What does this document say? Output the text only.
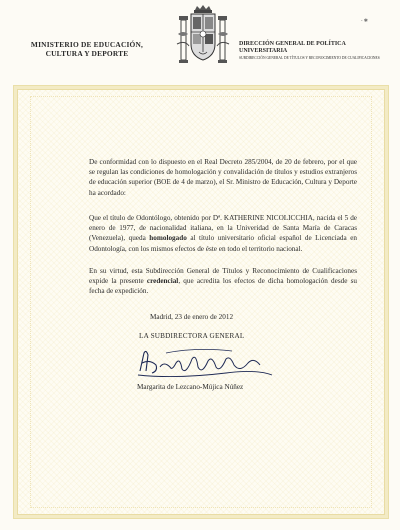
MINISTERIO DE EDUCACIÓN,
CULTURA Y DEPORTE
DIRECCIÓN GENERAL DE POLÍTICA
UNIVERSITARIA
SUBDIRECCIÓN GENERAL DE TÍTULOS Y RECONOCIMIENTO DE CUALIFICACIONES
- ✱
De conformidad con lo dispuesto en el Real Decreto 285/2004, de 20 de febrero, por el que se regulan las condiciones de homologación y convalidación de títulos y estudios extranjeros de educación superior (BOE de 4 de marzo), el Sr. Ministro de Educación, Cultura y Deporte ha acordado:
Que el título de Odontólogo, obtenido por Dª. KATHERINE NICOLICCHIA, nacida el 5 de enero de 1977, de nacionalidad italiana, en la Univeridad de Santa María de Caracas (Venezuela), queda homologado al título universitario oficial español de Licenciada en Odontología, con los mismos efectos de éste en todo el territorio nacional.
En su virtud, esta Subdirección General de Títulos y Reconocimiento de Cualificaciones expide la presente credencial, que acredita los efectos de dicha homologación desde su fecha de expedición.
Madrid, 23 de enero de 2012
LA SUBDIRECTORA GENERAL
Margarita de Lezcano-Mújica Núñez
